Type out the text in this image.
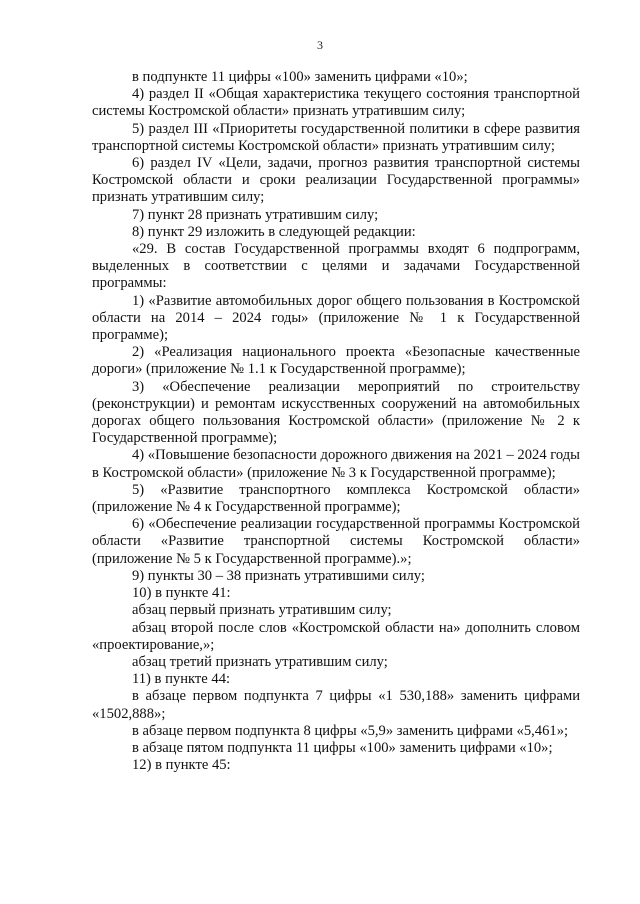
3

в подпункте 11 цифры «100» заменить цифрами «10»;

4) раздел II «Общая характеристика текущего состояния транспортной системы Костромской области» признать утратившим силу;

5) раздел III «Приоритеты государственной политики в сфере развития транспортной системы Костромской области» признать утратившим силу;

6) раздел IV «Цели, задачи, прогноз развития транспортной системы Костромской области и сроки реализации Государственной программы» признать утратившим силу;

7) пункт 28 признать утратившим силу;

8) пункт 29 изложить в следующей редакции:

«29. В состав Государственной программы входят 6 подпрограмм, выделенных в соответствии с целями и задачами Государственной программы:

1) «Развитие автомобильных дорог общего пользования в Костромской области на 2014 – 2024 годы» (приложение № 1 к Государственной программе);

2) «Реализация национального проекта «Безопасные качественные дороги» (приложение № 1.1 к Государственной программе);

3) «Обеспечение реализации мероприятий по строительству (реконструкции) и ремонтам искусственных сооружений на автомобильных дорогах общего пользования Костромской области» (приложение № 2 к Государственной программе);

4) «Повышение безопасности дорожного движения на 2021 – 2024 годы в Костромской области» (приложение № 3 к Государственной программе);

5) «Развитие транспортного комплекса Костромской области» (приложение № 4 к Государственной программе);

6) «Обеспечение реализации государственной программы Костромской области «Развитие транспортной системы Костромской области» (приложение № 5 к Государственной программе).»;

9) пункты 30 – 38 признать утратившими силу;

10) в пункте 41:

абзац первый признать утратившим силу;

абзац второй после слов «Костромской области на» дополнить словом «проектирование,»;

абзац третий признать утратившим силу;

11) в пункте 44:

в абзаце первом подпункта 7 цифры «1 530,188» заменить цифрами «1502,888»;

в абзаце первом подпункта 8 цифры «5,9» заменить цифрами «5,461»;

в абзаце пятом подпункта 11 цифры «100» заменить цифрами «10»;

12) в пункте 45:
